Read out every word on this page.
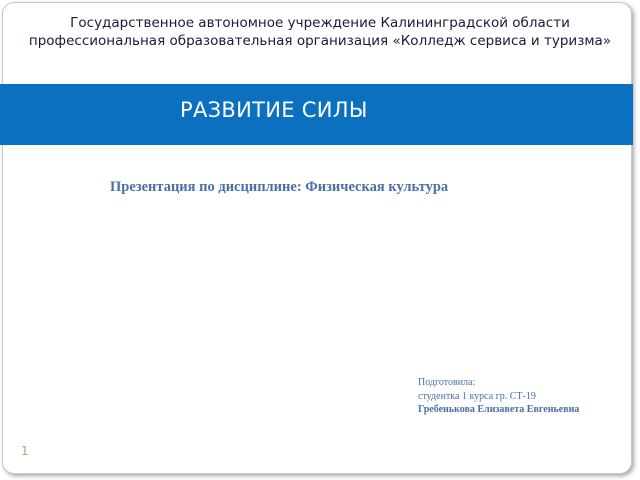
Государственное автономное учреждение Калининградской области профессиональная образовательная организация «Колледж сервиса и туризма»
РАЗВИТИЕ СИЛЫ
Презентация по дисциплине: Физическая культура
Подготовила:
студентка 1 курса гр. СТ-19
Гребенькова Елизавета Евгеньевна
1
